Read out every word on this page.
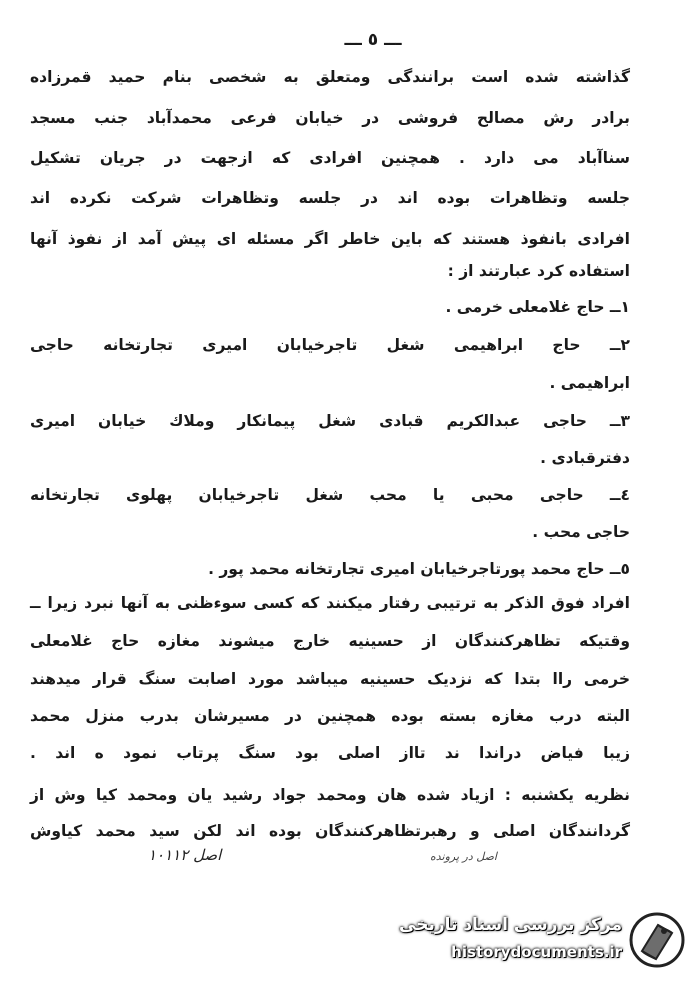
ـــ ٥ ـــ
گذاشته شده است برانندگی ومتعلق به شخصی بنام حمید قمرزاده
برادر رش مصالح فروشی در خیابان فرعی محمدآباد جنب مسجد
سناآباد می دارد . همچنین افرادی که ازجهت در جریان تشکیل
جلسه وتظاهرات بوده اند در جلسه وتظاهرات شرکت نکرده اند
افرادی بانفوذ هستند که باین خاطر اگر مسئله ای پیش آمد از نفوذ آنها
استفاده کرد عبارتند از :
١ــ حاج غلامعلی خرمی .
٢ــ حاج ابراهیمی شغل تاجرخیابان امیری تجارتخانه حاجی
ابراهیمی .
٣ــ حاجی عبدالکریم قبادی شغل پیمانکار وملاك خیابان امیری
دفترقبادی .
٤ــ حاجی محبی یا محب شغل تاجرخیابان پهلوی تجارتخانه
حاجی محب .
٥ــ حاج محمد پورتاجرخیابان امیری تجارتخانه محمد پور .
افراد فوق الذکر به ترتیبی رفتار میکنند که کسی سوءظنی به آنها نبرد زیرا ــ
وقتیکه تظاهرکنندگان از حسینیه خارج میشوند مغازه حاج غلامعلی
خرمی راا بتدا که نزدیک حسینیه میباشد مورد اصابت سنگ قرار میدهند
البته درب مغازه بسته بوده همچنین در مسیرشان بدرب منزل محمد
زیبا فیاض دراندا ند تااز اصلی بود سنگ پرتاب نمود ه اند .
نظریه یکشنبه : ازیاد شده هان ومحمد جواد رشید یان ومحمد کیا وش از
گردانندگان اصلی و رهبرتظاهرکنندگان بوده اند لکن سید محمد کیاوش
اصل ۱۰۱۱۲	اصل در پرونده
مرکز بررسی اسناد تاریخی
historydocuments.ir
